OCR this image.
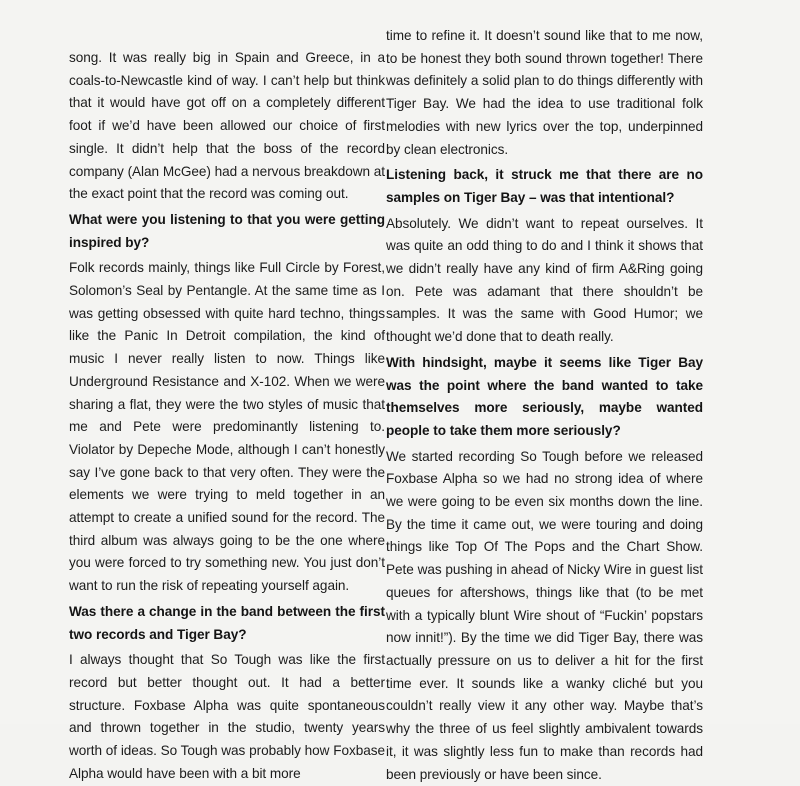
song. It was really big in Spain and Greece, in a coals-to-Newcastle kind of way. I can’t help but think that it would have got off on a completely different foot if we’d have been allowed our choice of first single. It didn’t help that the boss of the record company (Alan McGee) had a nervous breakdown at the exact point that the record was coming out.

What were you listening to that you were getting inspired by?

Folk records mainly, things like Full Circle by Forest, Solomon’s Seal by Pentangle. At the same time as I was getting obsessed with quite hard techno, things like the Panic In Detroit compilation, the kind of music I never really listen to now. Things like Underground Resistance and X-102. When we were sharing a flat, they were the two styles of music that me and Pete were predominantly listening to. Violator by Depeche Mode, although I can’t honestly say I’ve gone back to that very often. They were the elements we were trying to meld together in an attempt to create a unified sound for the record. The third album was always going to be the one where you were forced to try something new. You just don’t want to run the risk of repeating yourself again.

Was there a change in the band between the first two records and Tiger Bay?

I always thought that So Tough was like the first record but better thought out. It had a better structure. Foxbase Alpha was quite spontaneous and thrown together in the studio, twenty years worth of ideas. So Tough was probably how Foxbase Alpha would have been with a bit more

time to refine it. It doesn’t sound like that to me now, to be honest they both sound thrown together! There was definitely a solid plan to do things differently with Tiger Bay. We had the idea to use traditional folk melodies with new lyrics over the top, underpinned by clean electronics.

Listening back, it struck me that there are no samples on Tiger Bay – was that intentional?

Absolutely. We didn’t want to repeat ourselves. It was quite an odd thing to do and I think it shows that we didn’t really have any kind of firm A&Ring going on. Pete was adamant that there shouldn’t be samples. It was the same with Good Humor; we thought we’d done that to death really.

With hindsight, maybe it seems like Tiger Bay was the point where the band wanted to take themselves more seriously, maybe wanted people to take them more seriously?

We started recording So Tough before we released Foxbase Alpha so we had no strong idea of where we were going to be even six months down the line. By the time it came out, we were touring and doing things like Top Of The Pops and the Chart Show. Pete was pushing in ahead of Nicky Wire in guest list queues for aftershows, things like that (to be met with a typically blunt Wire shout of “Fuckin’ popstars now innit!”). By the time we did Tiger Bay, there was actually pressure on us to deliver a hit for the first time ever. It sounds like a wanky cliché but you couldn’t really view it any other way. Maybe that’s why the three of us feel slightly ambivalent towards it, it was slightly less fun to make than records had been previously or have been since.
